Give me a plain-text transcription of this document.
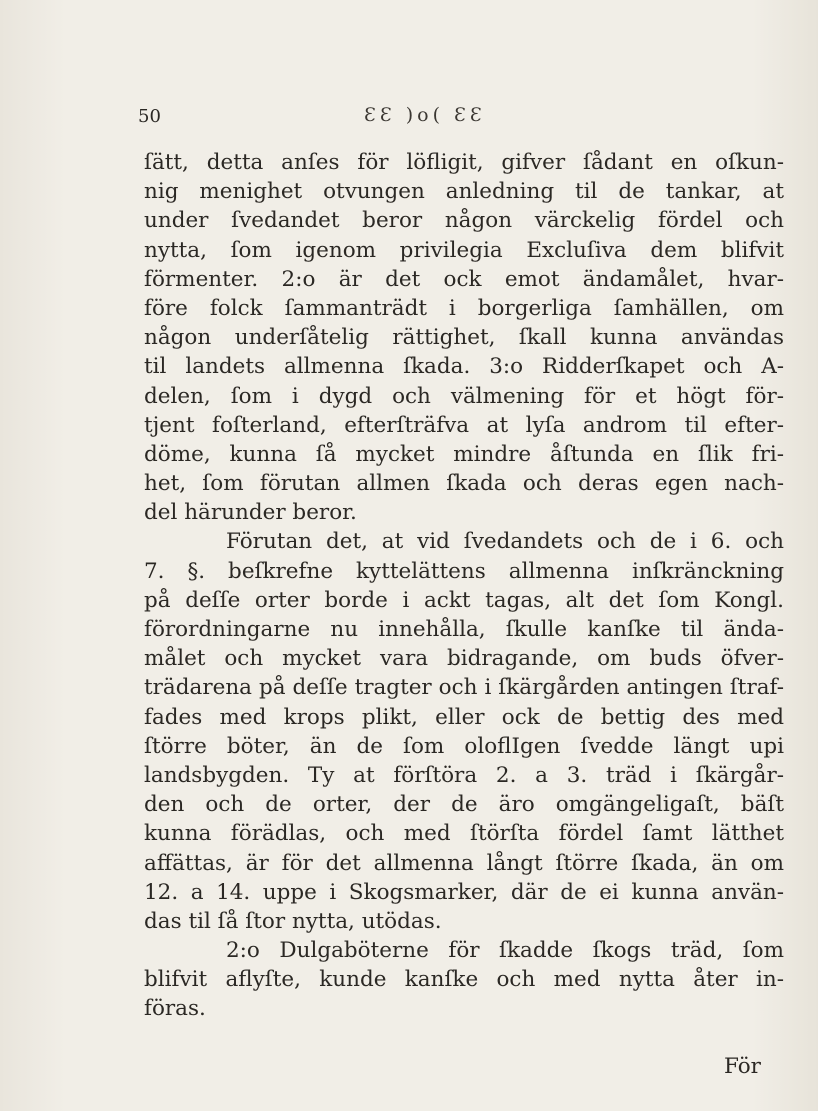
50	ƐƐ )o( ƐƐ
ſätt, detta anſes för löfligit, gifver ſådant en oſkun-
nig menighet otvungen anledning til de tankar, at
under ſvedandet beror någon värckelig fördel och
nytta, ſom igenom privilegia Excluſiva dem blifvit
förmenter. 2:o är det ock emot ändamålet, hvar-
före folck ſammanträdt i borgerliga ſamhällen, om
någon underſåtelig rättighet, ſkall kunna användas
til landets allmenna ſkada. 3:o Ridderſkapet och A-
delen, ſom i dygd och välmening för et högt för-
tjent foſterland, efterſträfva at lyſa androm til efter-
döme, kunna ſå mycket mindre åſtunda en ſlik fri-
het, ſom förutan allmen ſkada och deras egen nach-
del härunder beror.
Förutan det, at vid ſvedandets och de i 6. och
7. §. beſkrefne kyttelättens allmenna inſkränckning
på deſſe orter borde i ackt tagas, alt det ſom Kongl.
förordningarne nu innehålla, ſkulle kanſke til ända-
målet och mycket vara bidragande, om buds öfver-
trädarena på deſſe tragter och i ſkärgården antingen ſtraf-
fades med krops plikt, eller ock de bettig des med
ſtörre böter, än de ſom oloflIgen ſvedde längt upi
landsbygden. Ty at förſtöra 2. a 3. träd i ſkärgår-
den och de orter, der de äro omgängeligaſt, bäſt
kunna förädlas, och med ſtörſta fördel ſamt lätthet
affättas, är för det allmenna långt ſtörre ſkada, än om
12. a 14. uppe i Skogsmarker, där de ei kunna använ-
das til ſå ſtor nytta, utödas.
2:o Dulgaböterne för ſkadde ſkogs träd, ſom
blifvit aflyſte, kunde kanſke och med nytta åter in-
föras.
För
